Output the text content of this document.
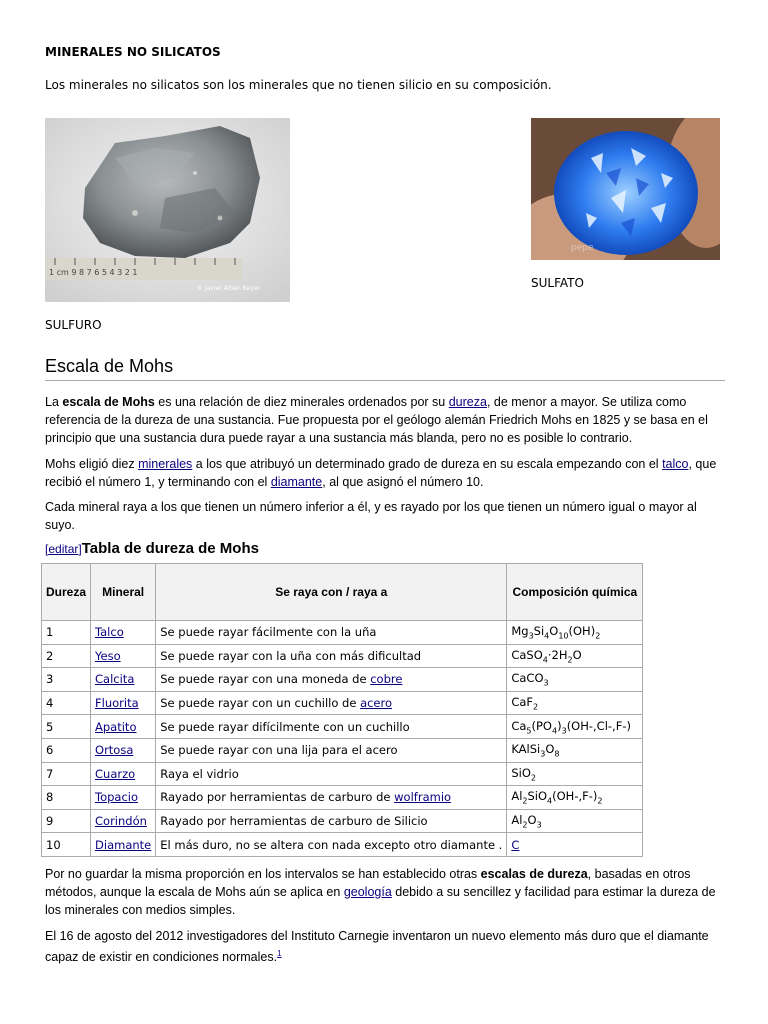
MINERALES NO SILICATOS
Los minerales no silicatos son los minerales que no tienen silicio en su composición.
1 cm 9 8 7 6 5 4 3 2 1
© Javier Albán Beyer
SULFURO
pepe
SULFATO
Escala de Mohs
La escala de Mohs es una relación de diez minerales ordenados por su dureza, de menor a mayor. Se utiliza como referencia de la dureza de una sustancia. Fue propuesta por el geólogo alemán Friedrich Mohs en 1825 y se basa en el principio que una sustancia dura puede rayar a una sustancia más blanda, pero no es posible lo contrario.
Mohs eligió diez minerales a los que atribuyó un determinado grado de dureza en su escala empezando con el talco, que recibió el número 1, y terminando con el diamante, al que asignó el número 10.
Cada mineral raya a los que tienen un número inferior a él, y es rayado por los que tienen un número igual o mayor al suyo.
[editar]Tabla de dureza de Mohs
Dureza	Mineral	Se raya con / raya a	Composición química
1	Talco	Se puede rayar fácilmente con la uña	$Mg_3Si_4O_{10}(OH)_2$
2	Yeso	Se puede rayar con la uña con más dificultad	$CaSO_4\cdot 2H_2O$
3	Calcita	Se puede rayar con una moneda de cobre	CaCO$_3$
4	Fluorita	Se puede rayar con un cuchillo de acero	CaF$_2$
5	Apatito	Se puede rayar difícilmente con un cuchillo	$Ca_5(PO_4)_3(OH-,Cl-,F-)$
6	Ortosa	Se puede rayar con una lija para el acero	$KAlSi_3O_8$
7	Cuarzo	Raya el vidrio	SiO$_2$
8	Topacio	Rayado por herramientas de carburo de wolframio	$Al_2SiO_4(OH-,F-)_2$
9	Corindón	Rayado por herramientas de carburo de Silicio	$Al_2O_3$
10	Diamante	El más duro, no se altera con nada excepto otro diamante .	C
Por no guardar la misma proporción en los intervalos se han establecido otras escalas de dureza, basadas en otros métodos, aunque la escala de Mohs aún se aplica en geología debido a su sencillez y facilidad para estimar la dureza de los minerales con medios simples.
El 16 de agosto del 2012 investigadores del Instituto Carnegie inventaron un nuevo elemento más duro que el diamante capaz de existir en condiciones normales.$^1$
